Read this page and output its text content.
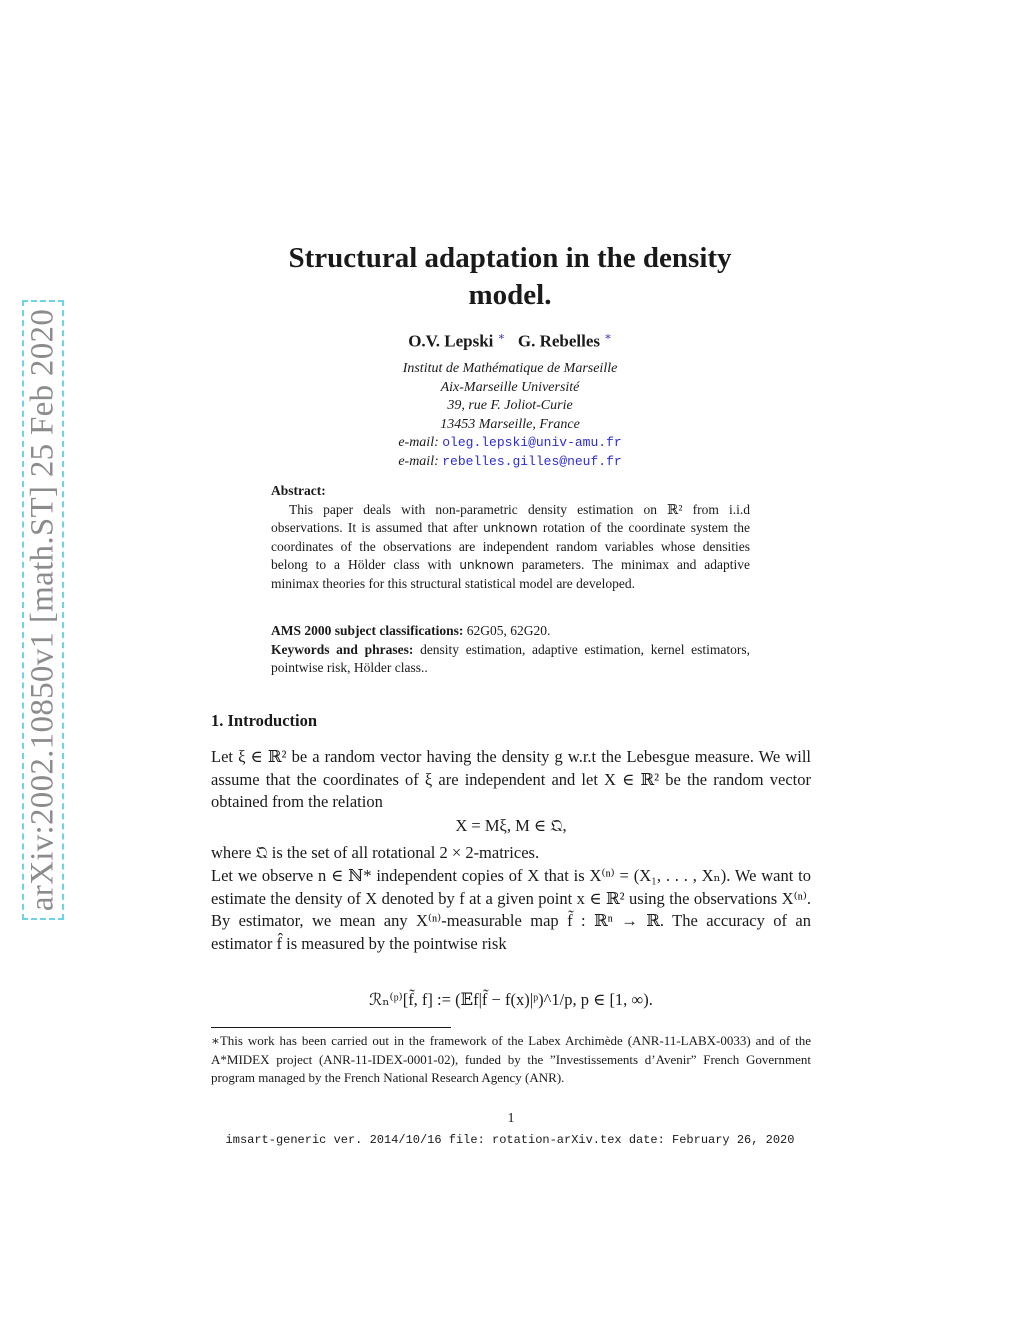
arXiv:2002.10850v1 [math.ST] 25 Feb 2020
Structural adaptation in the density
model.
O.V. Lepski ∗ G. Rebelles ∗
Institut de Mathématique de Marseille
Aix-Marseille Université
39, rue F. Joliot-Curie
13453 Marseille, France
e-mail: oleg.lepski@univ-amu.fr
e-mail: rebelles.gilles@neuf.fr
Abstract:
This paper deals with non-parametric density estimation on ℝ² from i.i.d observations. It is assumed that after unknown rotation of the coordinate system the coordinates of the observations are independent random variables whose densities belong to a Hölder class with unknown parameters. The minimax and adaptive minimax theories for this structural statistical model are developed.
AMS 2000 subject classifications: 62G05, 62G20.
Keywords and phrases: density estimation, adaptive estimation, kernel estimators, pointwise risk, Hölder class..
1. Introduction
Let ξ ∈ ℝ² be a random vector having the density g w.r.t the Lebesgue measure. We will assume that the coordinates of ξ are independent and let X ∈ ℝ² be the random vector obtained from the relation
X = Mξ, M ∈ 𝔔,
where 𝔔 is the set of all rotational 2 × 2-matrices.
Let we observe n ∈ ℕ* independent copies of X that is X⁽ⁿ⁾ = (X₁, . . . , Xₙ). We want to estimate the density of X denoted by f at a given point x ∈ ℝ² using the observations X⁽ⁿ⁾. By estimator, we mean any X⁽ⁿ⁾-measurable map f̃ : ℝⁿ → ℝ. The accuracy of an estimator f̂ is measured by the pointwise risk
ℛₙ⁽ᵖ⁾[f̃, f] := (𝔼f|f̃ − f(x)|ᵖ)^1/p, p ∈ [1, ∞).
∗This work has been carried out in the framework of the Labex Archimède (ANR-11-LABX-0033) and of the A*MIDEX project (ANR-11-IDEX-0001-02), funded by the ”Investissements d’Avenir” French Government program managed by the French National Research Agency (ANR).
1
imsart-generic ver. 2014/10/16 file: rotation-arXiv.tex date: February 26, 2020
